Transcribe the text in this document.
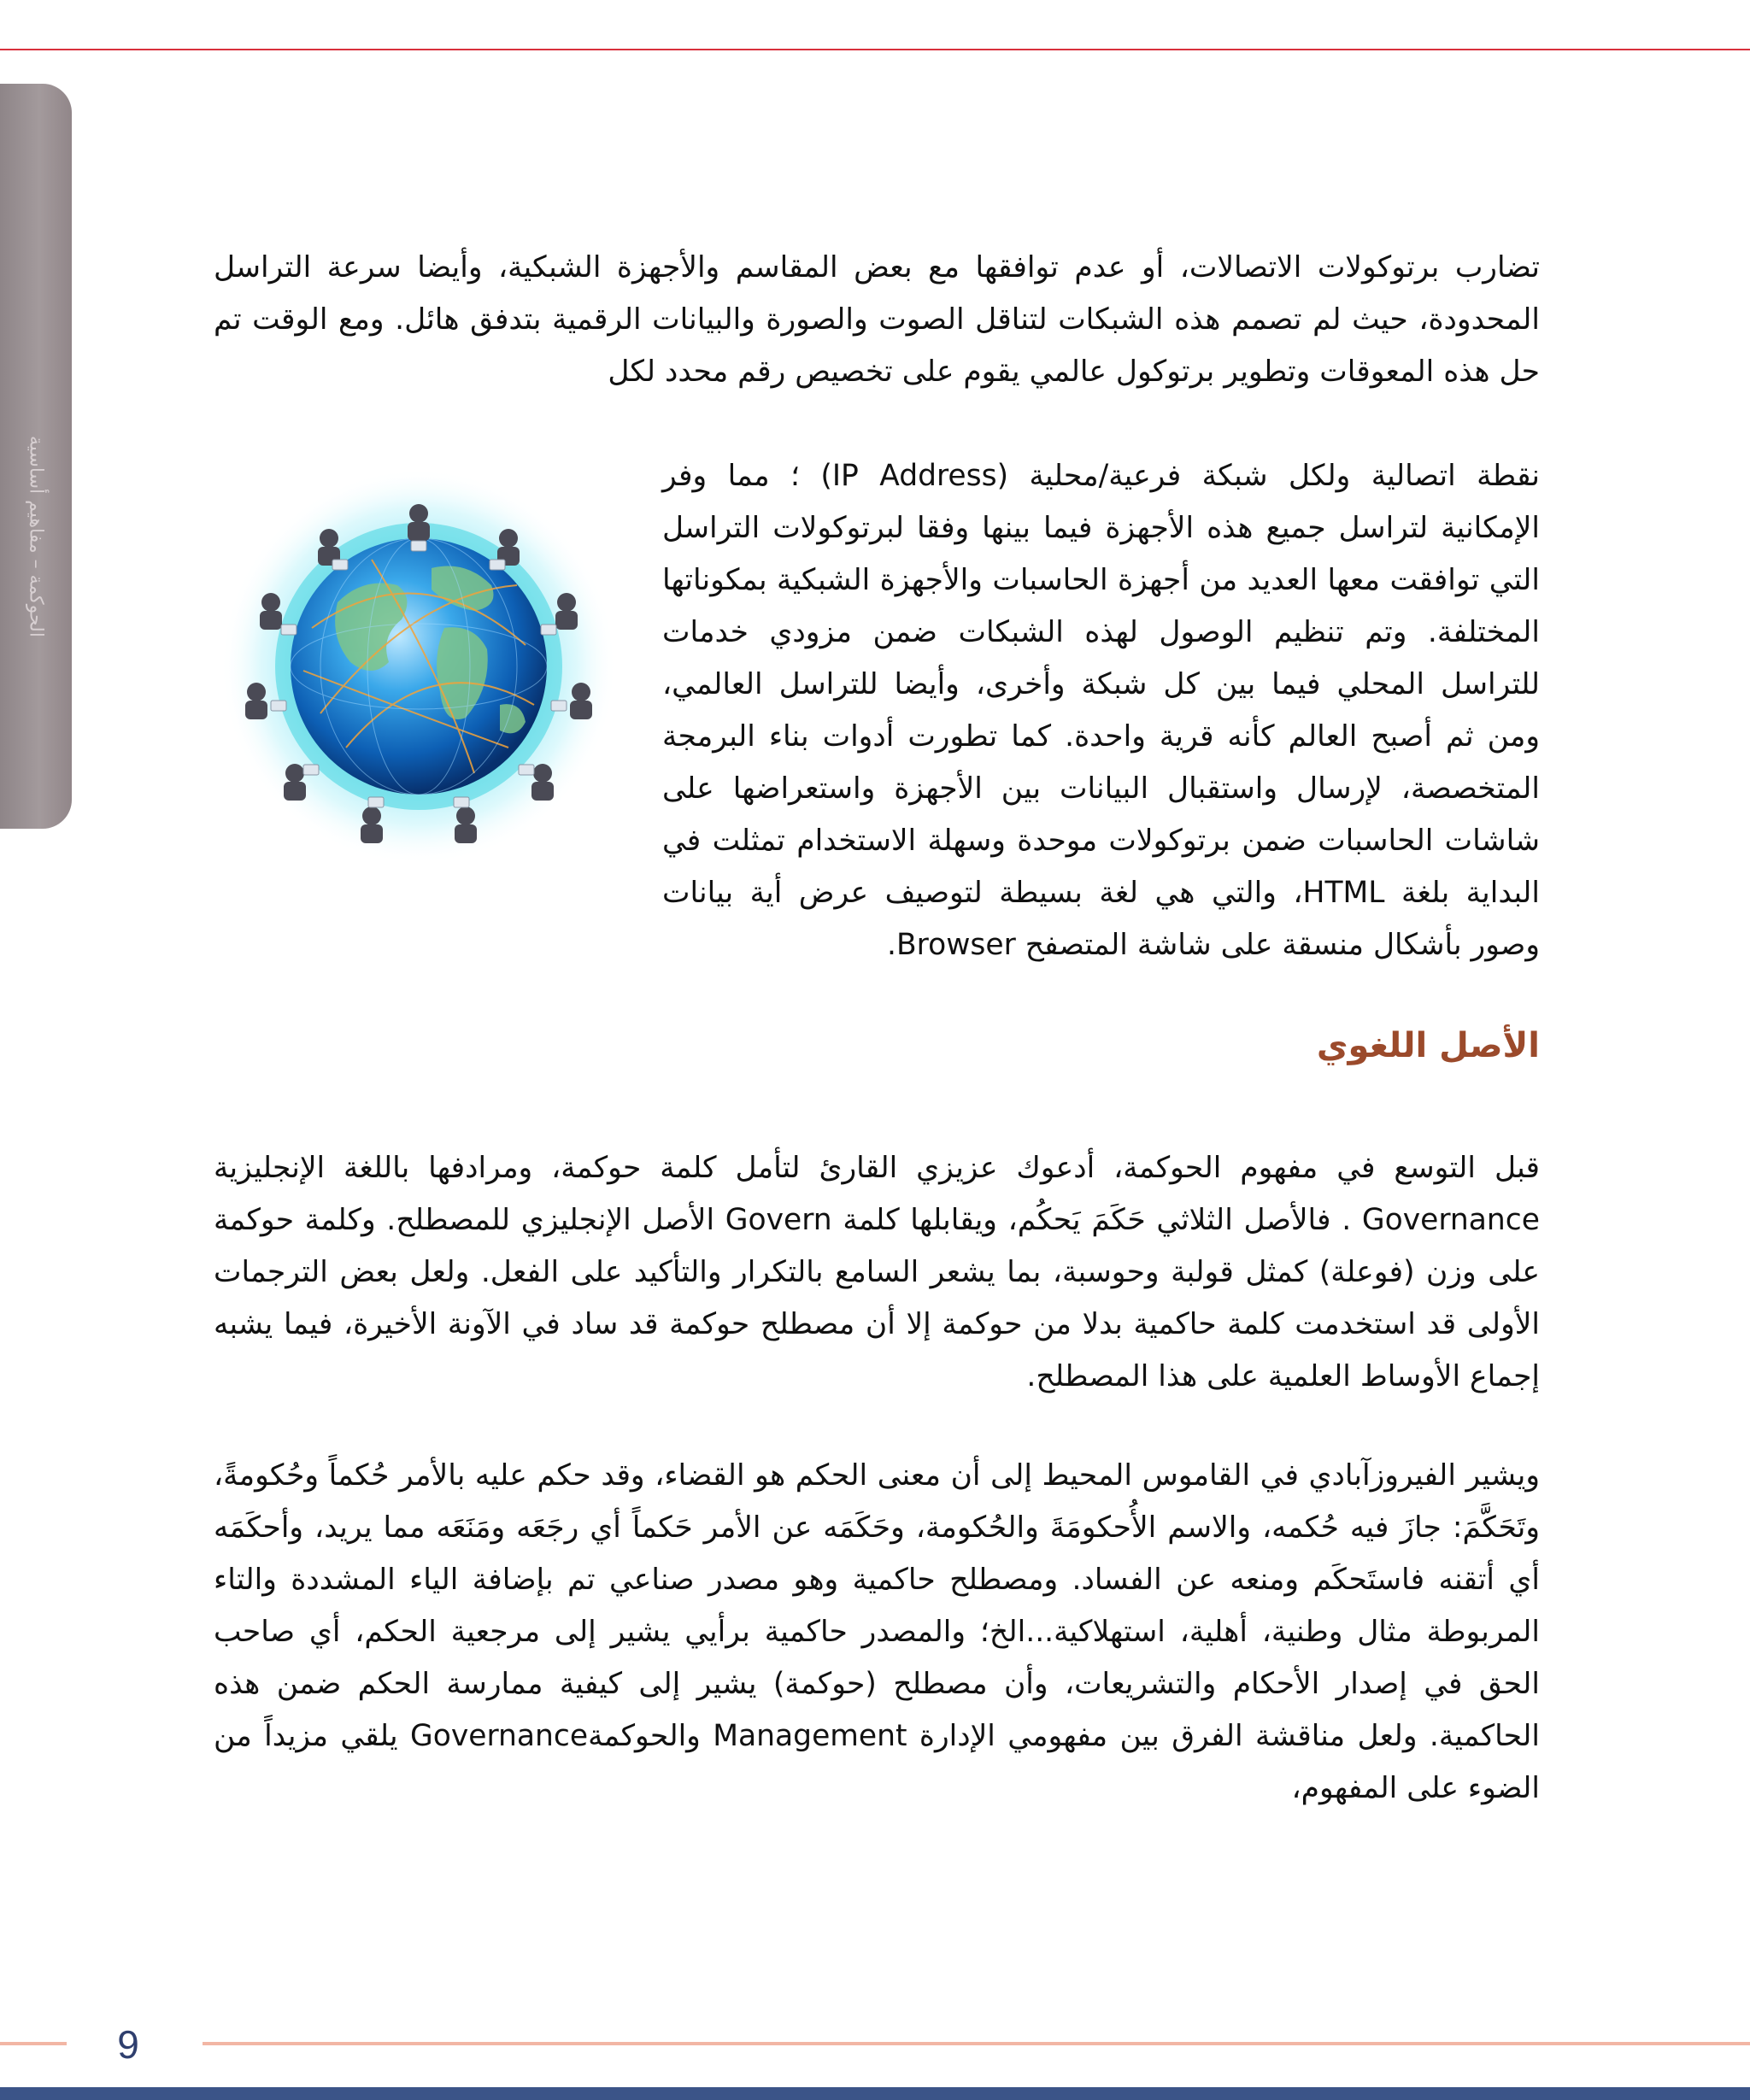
الحوكمة – مفاهيم أساسية

تضارب برتوكولات الاتصالات، أو عدم توافقها مع بعض المقاسم والأجهزة الشبكية، وأيضا سرعة التراسل المحدودة، حيث لم تصمم هذه الشبكات لتناقل الصوت والصورة والبيانات الرقمية بتدفق هائل. ومع الوقت تم حل هذه المعوقات وتطوير برتوكول عالمي يقوم على تخصيص رقم محدد لكل

نقطة اتصالية ولكل شبكة فرعية/محلية (IP Address) ؛ مما وفر الإمكانية لتراسل جميع هذه الأجهزة فيما بينها وفقا لبرتوكولات التراسل التي توافقت معها العديد من أجهزة الحاسبات والأجهزة الشبكية بمكوناتها المختلفة. وتم تنظيم الوصول لهذه الشبكات ضمن مزودي خدمات للتراسل المحلي فيما بين كل شبكة وأخرى، وأيضا للتراسل العالمي، ومن ثم أصبح العالم كأنه قرية واحدة. كما تطورت أدوات بناء البرمجة المتخصصة، لإرسال واستقبال البيانات بين الأجهزة واستعراضها على شاشات الحاسبات ضمن برتوكولات موحدة وسهلة الاستخدام تمثلت في البداية بلغة HTML، والتي هي لغة بسيطة لتوصيف عرض أية بيانات وصور بأشكال منسقة على شاشة المتصفح Browser.

الأصل اللغوي

قبل التوسع في مفهوم الحوكمة، أدعوك عزيزي القارئ لتأمل كلمة حوكمة، ومرادفها باللغة الإنجليزية Governance . فالأصل الثلاثي حَكَمَ يَحكُم، ويقابلها كلمة Govern الأصل الإنجليزي للمصطلح. وكلمة حوكمة على وزن (فوعلة) كمثل قولبة وحوسبة، بما يشعر السامع بالتكرار والتأكيد على الفعل. ولعل بعض الترجمات الأولى قد استخدمت كلمة حاكمية بدلا من حوكمة إلا أن مصطلح حوكمة قد ساد في الآونة الأخيرة، فيما يشبه إجماع الأوساط العلمية على هذا المصطلح.

ويشير الفيروزآبادي في القاموس المحيط إلى أن معنى الحكم هو القضاء، وقد حكم عليه بالأمر حُكماً وحُكومةً، وتَحَكَّمَ: جازَ فيه حُكمه، والاسم الأُحكومَةَ والحُكومة، وحَكَمَه عن الأمر حَكماً أي رجَعَه ومَنَعَه مما يريد، وأحكَمَه أي أتقنه فاستَحكَم ومنعه عن الفساد. ومصطلح حاكمية وهو مصدر صناعي تم بإضافة الياء المشددة والتاء المربوطة مثال وطنية، أهلية، استهلاكية...الخ؛ والمصدر حاكمية برأيي يشير إلى مرجعية الحكم، أي صاحب الحق في إصدار الأحكام والتشريعات، وأن مصطلح (حوكمة) يشير إلى كيفية ممارسة الحكم ضمن هذه الحاكمية. ولعل مناقشة الفرق بين مفهومي الإدارة Management والحوكمةGovernance يلقي مزيداً من الضوء على المفهوم،

9
